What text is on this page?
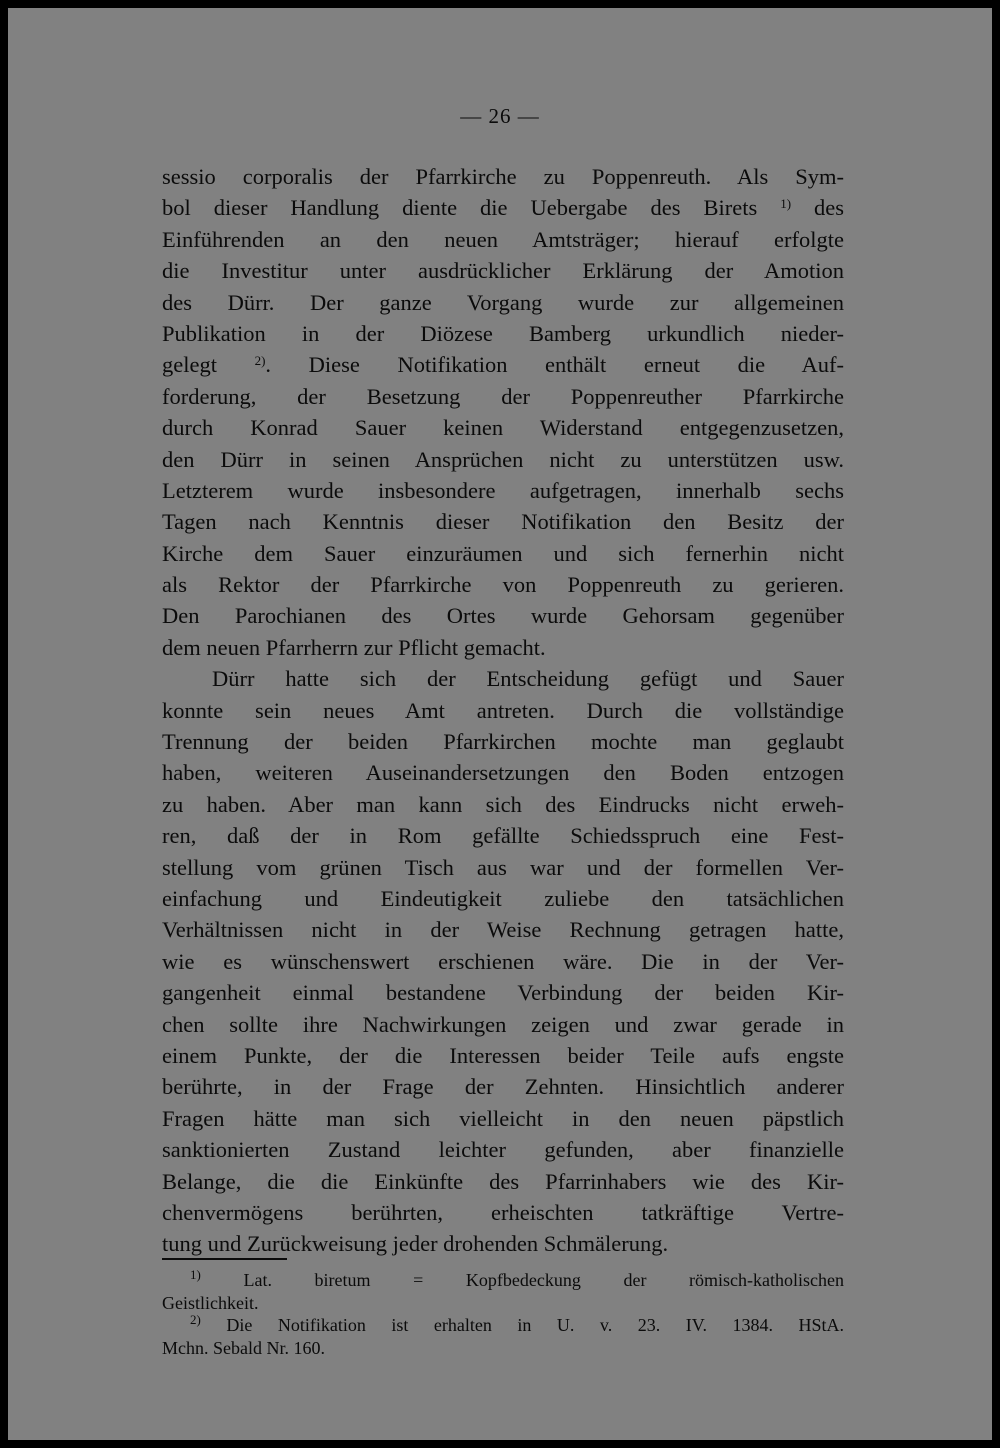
— 26 —
sessio corporalis der Pfarrkirche zu Poppenreuth. Als Sym-
bol dieser Handlung diente die Uebergabe des Birets $^{1)}$ des
Einführenden an den neuen Amtsträger; hierauf erfolgte
die Investitur unter ausdrücklicher Erklärung der Amotion
des Dürr. Der ganze Vorgang wurde zur allgemeinen
Publikation in der Diözese Bamberg urkundlich nieder-
gelegt	$^{2)}$. Diese Notifikation enthält erneut die Auf-
forderung, der Besetzung der Poppenreuther Pfarrkirche
durch Konrad Sauer keinen Widerstand entgegenzusetzen,
den Dürr in seinen Ansprüchen nicht zu unterstützen usw.
Letzterem wurde insbesondere aufgetragen, innerhalb sechs
Tagen nach Kenntnis dieser Notifikation den Besitz der
Kirche dem Sauer einzuräumen und sich fernerhin nicht
als Rektor der Pfarrkirche von Poppenreuth zu gerieren.
Den Parochianen des Ortes wurde Gehorsam gegenüber
dem neuen Pfarrherrn zur Pflicht gemacht.
Dürr hatte sich der Entscheidung gefügt und Sauer
konnte sein neues Amt antreten. Durch die vollständige
Trennung der beiden Pfarrkirchen mochte man geglaubt
haben, weiteren Auseinandersetzungen den Boden entzogen
zu haben. Aber man kann sich des Eindrucks nicht erweh-
ren, daß der in Rom gefällte Schiedsspruch eine Fest-
stellung vom grünen Tisch aus war und der formellen Ver-
einfachung und Eindeutigkeit zuliebe den tatsächlichen
Verhältnissen nicht in der Weise Rechnung getragen hatte,
wie es wünschenswert erschienen wäre. Die in der Ver-
gangenheit einmal bestandene Verbindung der beiden Kir-
chen sollte ihre Nachwirkungen zeigen und zwar gerade in
einem Punkte, der die Interessen beider Teile aufs engste
berührte, in der Frage der Zehnten. Hinsichtlich anderer
Fragen hätte man sich vielleicht in den neuen päpstlich
sanktionierten Zustand leichter gefunden, aber finanzielle
Belange, die die Einkünfte des Pfarrinhabers wie des Kir-
chenvermögens berührten, erheischten tatkräftige Vertre-
tung und Zurückweisung jeder drohenden Schmälerung.
$^{1)}$ Lat. biretum = Kopfbedeckung der römisch-katholischen
Geistlichkeit.
$^{2)}$ Die Notifikation ist erhalten in U. v. 23. IV. 1384. HStA.
Mchn. Sebald Nr. 160.
